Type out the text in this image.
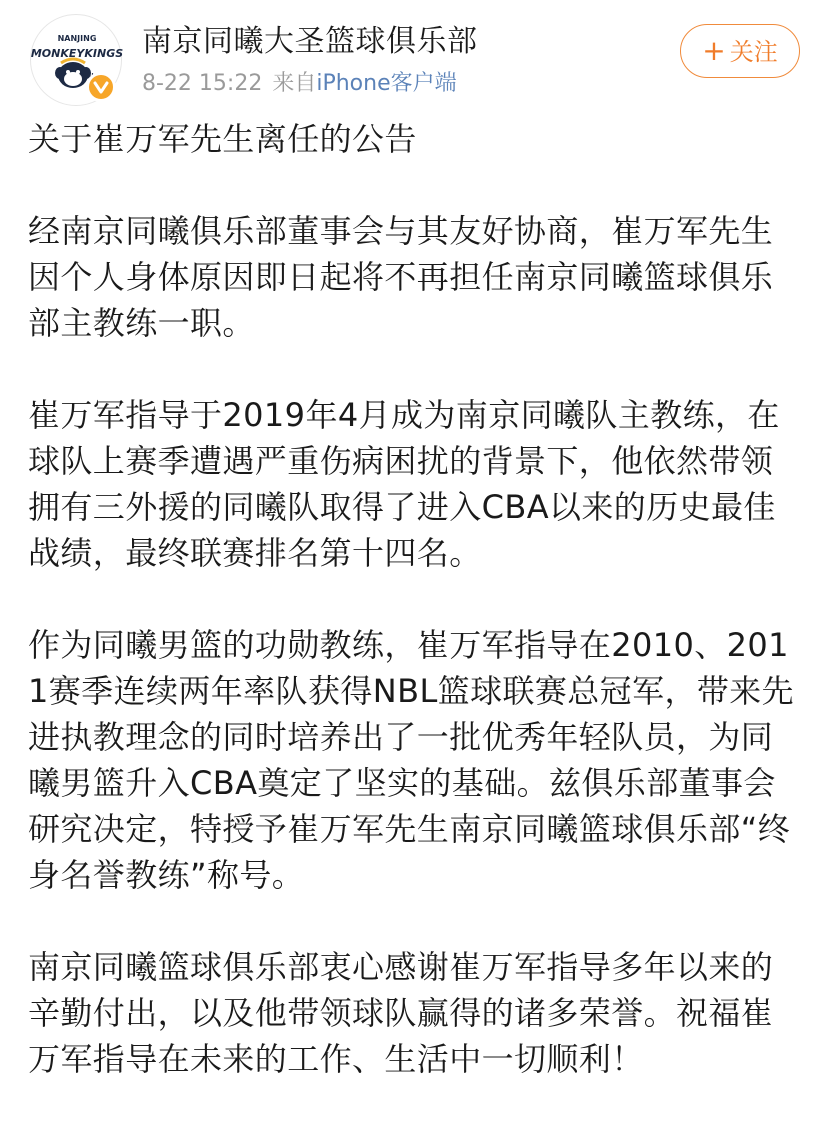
NANJING
MONKEYKINGS 南京同曦大圣篮球俱乐部
8-22 15:22 来自iPhone客户端
+ 关注

关于崔万军先生离任的公告

经南京同曦俱乐部董事会与其友好协商，崔万军先生因个人身体原因即日起将不再担任南京同曦篮球俱乐部主教练一职。

崔万军指导于2019年4月成为南京同曦队主教练，在球队上赛季遭遇严重伤病困扰的背景下，他依然带领拥有三外援的同曦队取得了进入CBA以来的历史最佳战绩，最终联赛排名第十四名。

作为同曦男篮的功勋教练，崔万军指导在2010、2011赛季连续两年率队获得NBL篮球联赛总冠军，带来先进执教理念的同时培养出了一批优秀年轻队员，为同曦男篮升入CBA奠定了坚实的基础。兹俱乐部董事会研究决定，特授予崔万军先生南京同曦篮球俱乐部“终身名誉教练”称号。

南京同曦篮球俱乐部衷心感谢崔万军指导多年以来的辛勤付出，以及他带领球队赢得的诸多荣誉。祝福崔万军指导在未来的工作、生活中一切顺利！
